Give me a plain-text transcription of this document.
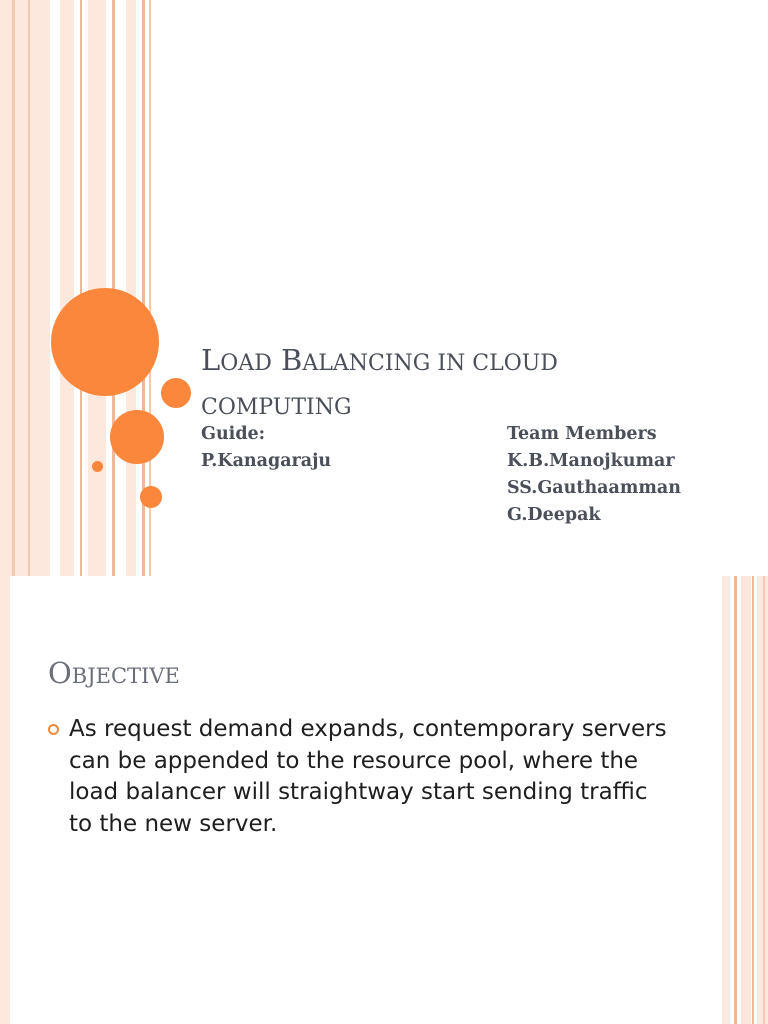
LOAD BALANCING IN CLOUD
COMPUTING
Guide:
P.Kanagaraju
Team Members
K.B.Manojkumar
SS.Gauthaamman
G.Deepak
OBJECTIVE

As request demand expands, contemporary servers can be appended to the resource pool, where the load balancer will straightway start sending traffic to the new server.
